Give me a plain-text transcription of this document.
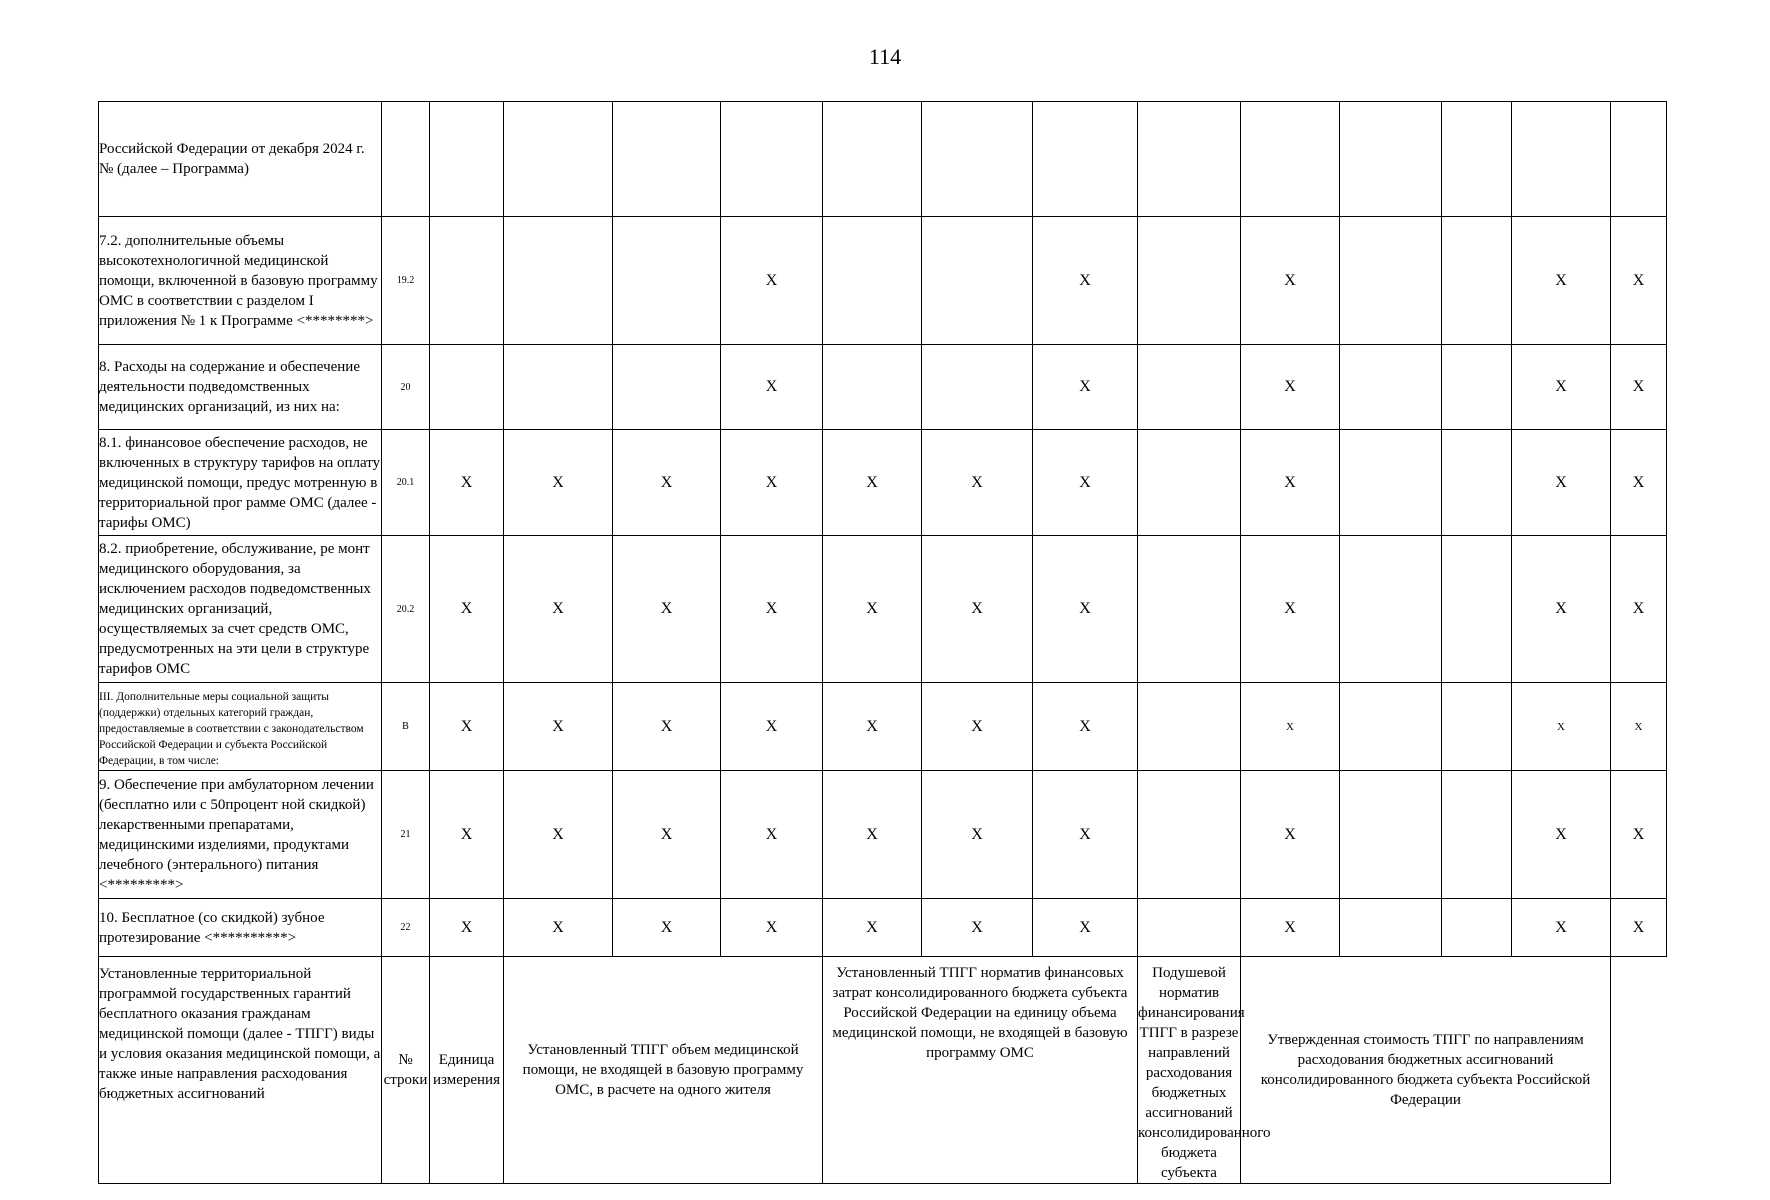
114
Российской Федерации от декабря 2024 г. № (далее – Программа)														
7.2. дополнительные объемы высокотехнологичной медицинской помощи, включенной в базовую программу ОМС в соответствии с разделом I приложения № 1 к Программе <********>	19.2				X			X		X			X	X
8. Расходы на содержание и обеспечение деятельности подведомственных медицинских организаций, из них на:	20				X			X		X			X	X
8.1. финансовое обеспечение расходов, не включенных в структуру тарифов на оплату медицинской помощи, предус мотренную в территориальной прог рамме ОМС (далее - тарифы ОМС)	20.1	X	X	X	X	X	X	X		X			X	X
8.2. приобретение, обслуживание, ре монт медицинского оборудования, за исключением расходов подведомственных медицинских организаций, осуществляемых за счет средств ОМС, предусмотренных на эти цели в структуре тарифов ОМС	20.2	X	X	X	X	X	X	X		X			X	X
III. Дополнительные меры социальной защиты (поддержки) отдельных категорий граждан, предоставляемые в соответствии с законодательством Российской Федерации и субъекта Российской Федерации, в том числе:	В	X	X	X	X	X	X	X		X			X	X
9. Обеспечение при амбулаторном лечении (бесплатно или с 50процент ной скидкой) лекарственными препаратами, медицинскими изделиями, продуктами лечебного (энтерального) питания <*********>	21	X	X	X	X	X	X	X		X			X	X
10. Бесплатное (со скидкой) зубное протезирование <**********>	22	X	X	X	X	X	X	X		X			X	X
Установленные территориальной программой государственных гарантий бесплатного оказания гражданам медицинской помощи (далее - ТПГГ) виды и условия оказания медицинской помощи, а также иные направления расходования бюджетных ассигнований	№ строки	Единица измерения	Установленный ТПГГ объем медицинской помощи, не входящей в базовую программу ОМС, в расчете на одного жителя			Установленный ТПГГ норматив финансовых затрат консолидированного бюджета субъекта Российской Федерации на единицу объема медицинской помощи, не входящей в базовую программу ОМС			Подушевой норматив финансирования ТПГГ в разрезе направлений расходования бюджетных ассигнований консолидированного бюджета субъекта	Утвержденная стоимость ТПГГ по направлениям расходования бюджетных ассигнований консолидированного бюджета субъекта Российской Федерации				
